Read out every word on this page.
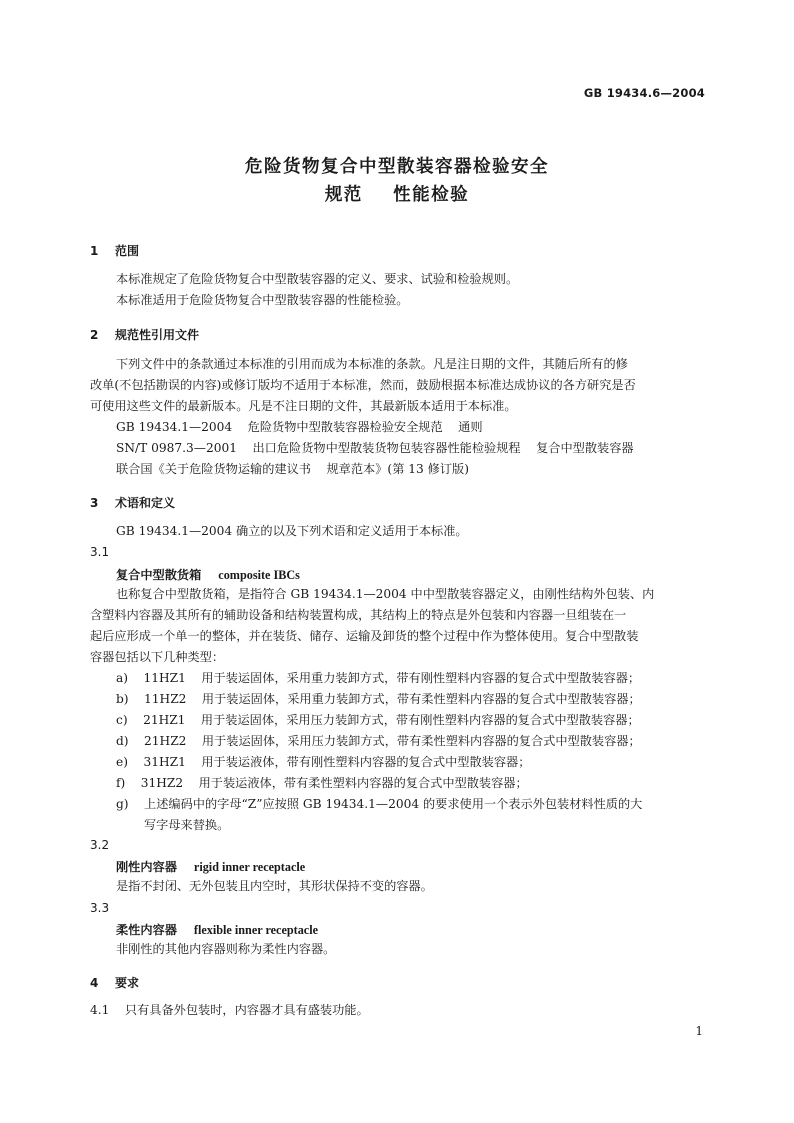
GB 19434.6—2004
危险货物复合中型散装容器检验安全
规范    性能检验
1    范围
本标准规定了危险货物复合中型散装容器的定义、要求、试验和检验规则。
本标准适用于危险货物复合中型散装容器的性能检验。
2    规范性引用文件
下列文件中的条款通过本标准的引用而成为本标准的条款。凡是注日期的文件，其随后所有的修
改单(不包括勘误的内容)或修订版均不适用于本标准，然而，鼓励根据本标准达成协议的各方研究是否
可使用这些文件的最新版本。凡是不注日期的文件，其最新版本适用于本标准。
GB 19434.1—2004    危险货物中型散装容器检验安全规范    通则
SN/T 0987.3—2001    出口危险货物中型散装货物包装容器性能检验规程    复合中型散装容器
联合国《关于危险货物运输的建议书    规章范本》(第 13 修订版)
3    术语和定义
GB 19434.1—2004 确立的以及下列术语和定义适用于本标准。
3.1
复合中型散货箱 composite IBCs
也称复合中型散货箱，是指符合 GB 19434.1—2004 中中型散装容器定义，由刚性结构外包装、内
含塑料内容器及其所有的辅助设备和结构装置构成，其结构上的特点是外包装和内容器一旦组装在一
起后应形成一个单一的整体，并在装货、储存、运输及卸货的整个过程中作为整体使用。复合中型散装
容器包括以下几种类型：
a)    11HZ1    用于装运固体，采用重力装卸方式，带有刚性塑料内容器的复合式中型散装容器；
b)    11HZ2    用于装运固体，采用重力装卸方式，带有柔性塑料内容器的复合式中型散装容器；
c)    21HZ1    用于装运固体，采用压力装卸方式，带有刚性塑料内容器的复合式中型散装容器；
d)    21HZ2    用于装运固体，采用压力装卸方式，带有柔性塑料内容器的复合式中型散装容器；
e)    31HZ1    用于装运液体，带有刚性塑料内容器的复合式中型散装容器；
f)    31HZ2    用于装运液体，带有柔性塑料内容器的复合式中型散装容器；
g)    上述编码中的字母“Z”应按照 GB 19434.1—2004 的要求使用一个表示外包装材料性质的大
写字母来替换。
3.2
刚性内容器 rigid inner receptacle
是指不封闭、无外包装且内空时，其形状保持不变的容器。
3.3
柔性内容器 flexible inner receptacle
非刚性的其他内容器则称为柔性内容器。
4    要求
4.1    只有具备外包装时，内容器才具有盛装功能。
1
